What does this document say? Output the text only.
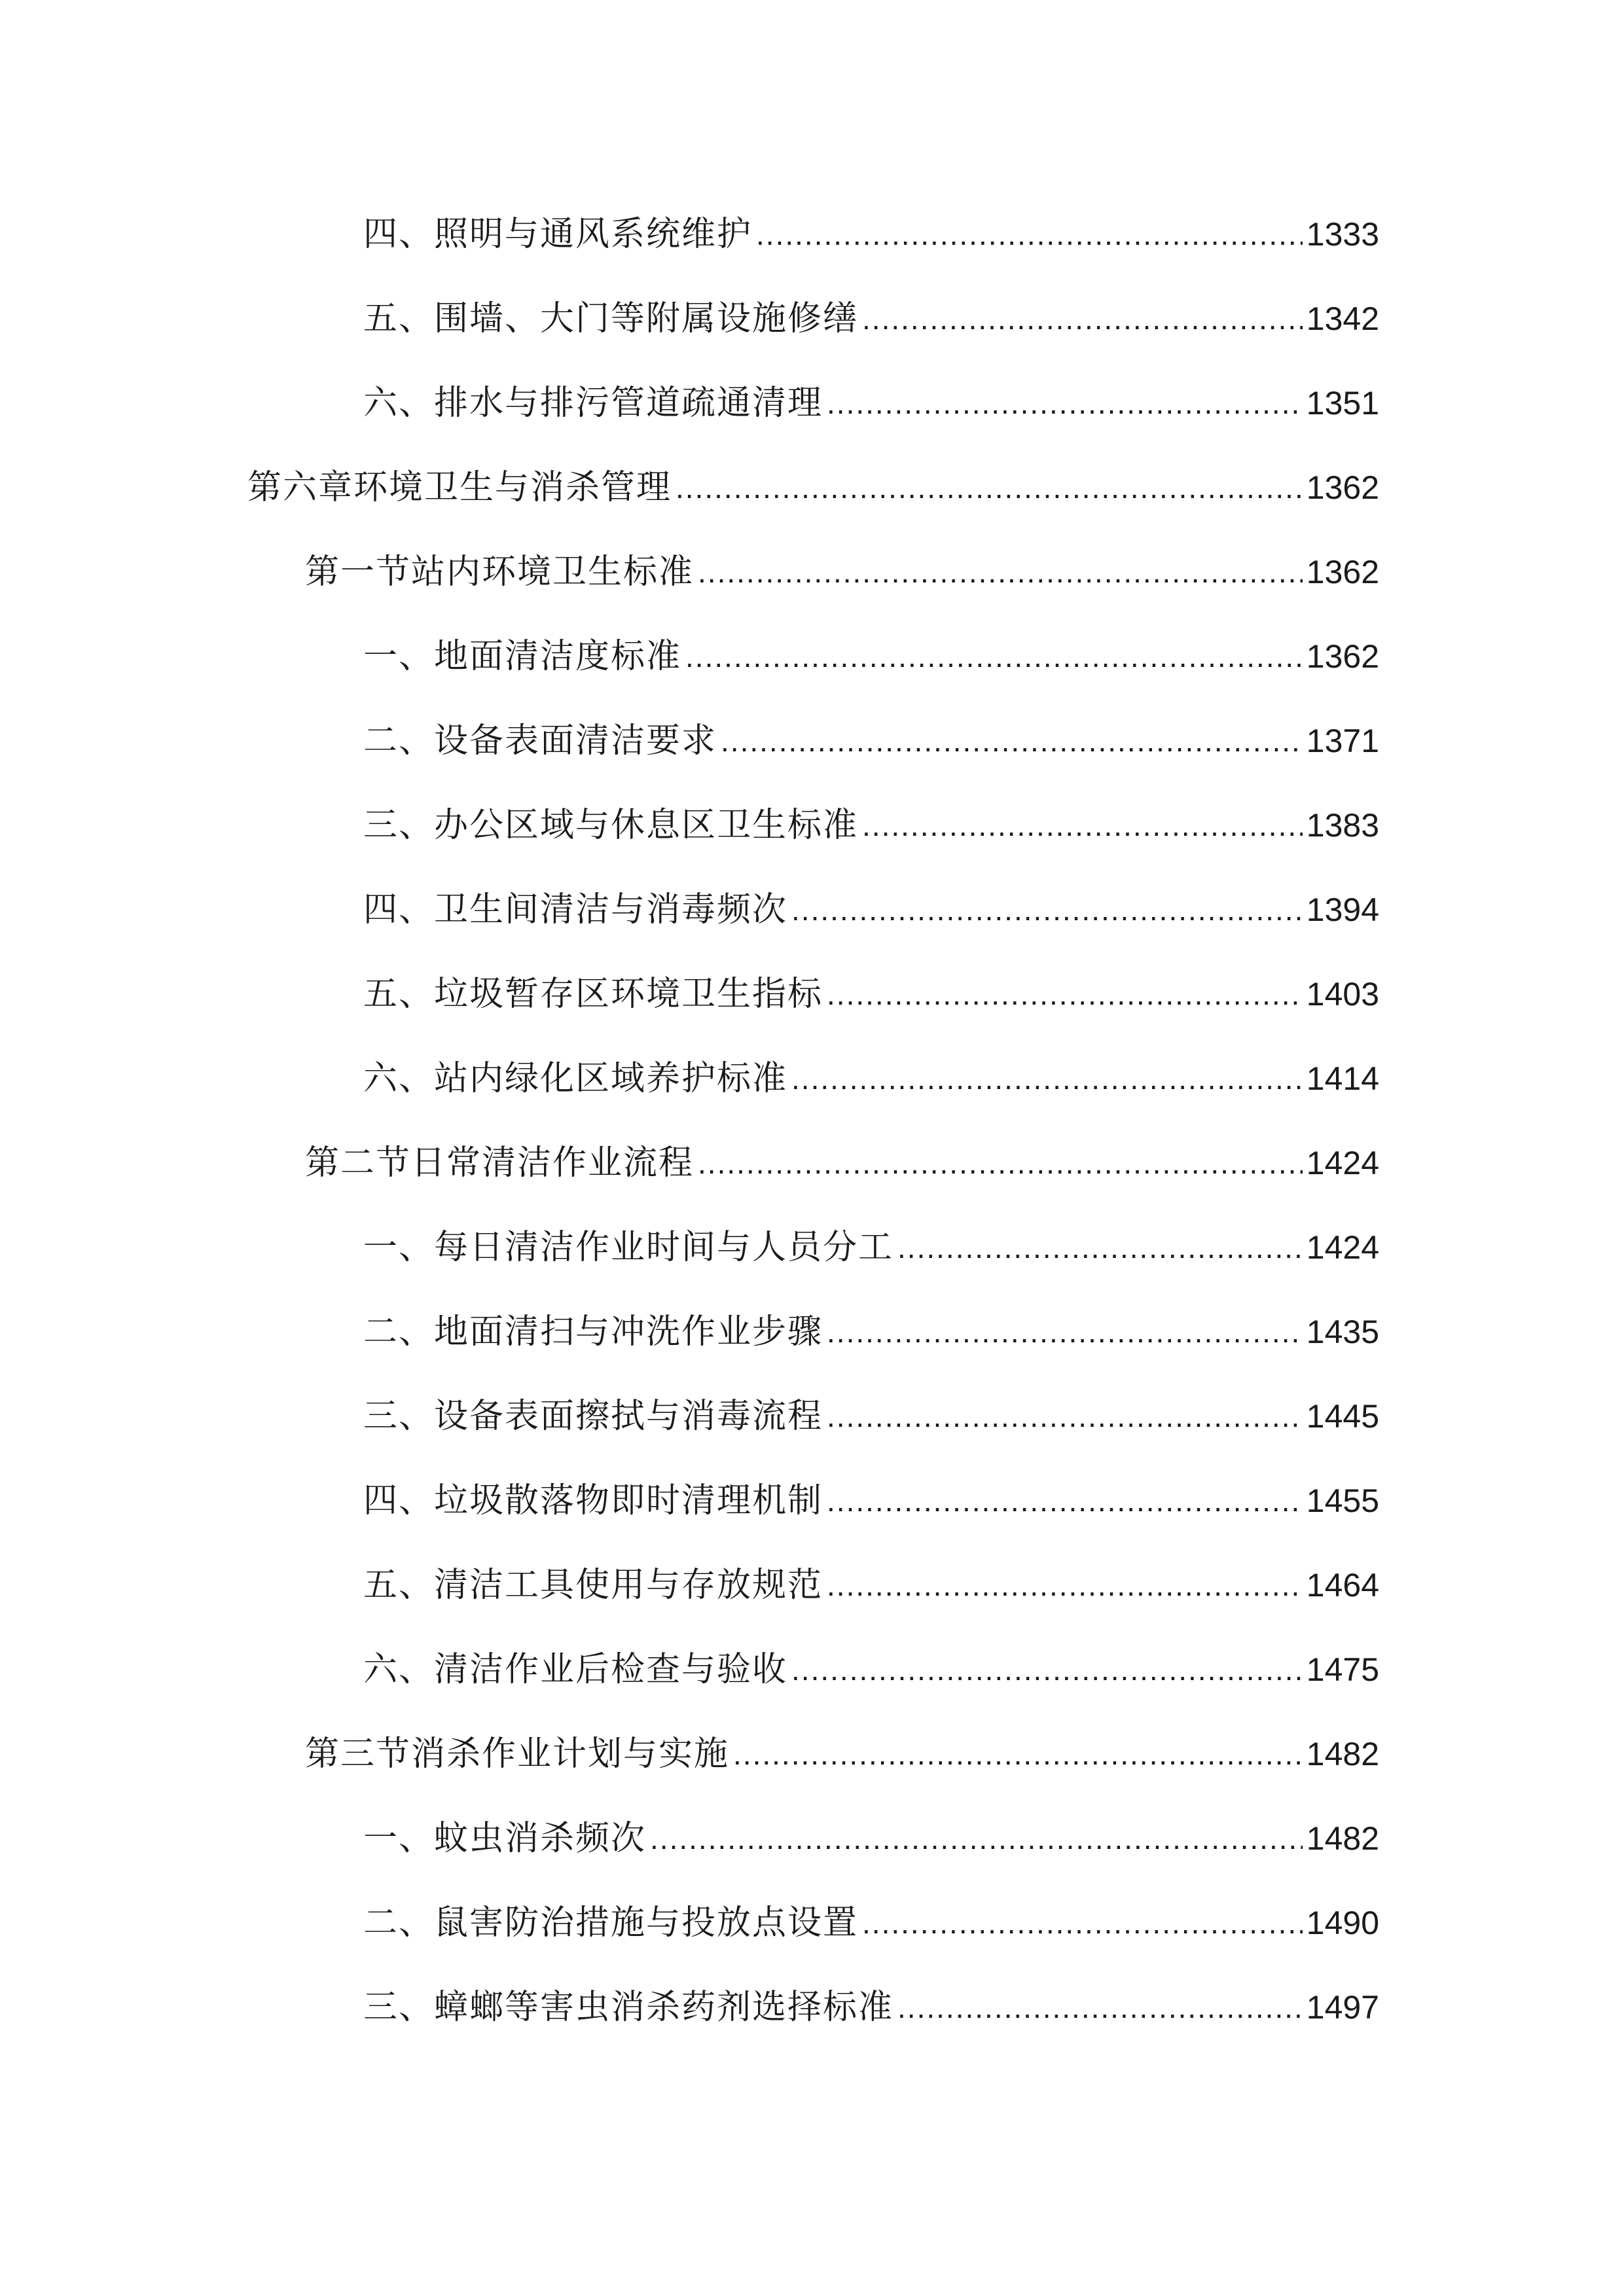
四、照明与通风系统维护 .....	1333
五、围墙、大门等附属设施修缮 .....	1342
六、排水与排污管道疏通清理 .....	1351
第六章环境卫生与消杀管理 .....	1362
第一节站内环境卫生标准 .....	1362
一、地面清洁度标准 .....	1362
二、设备表面清洁要求 .....	1371
三、办公区域与休息区卫生标准 .....	1383
四、卫生间清洁与消毒频次 .....	1394
五、垃圾暂存区环境卫生指标 .....	1403
六、站内绿化区域养护标准 .....	1414
第二节日常清洁作业流程 .....	1424
一、每日清洁作业时间与人员分工 .....	1424
二、地面清扫与冲洗作业步骤 .....	1435
三、设备表面擦拭与消毒流程 .....	1445
四、垃圾散落物即时清理机制 .....	1455
五、清洁工具使用与存放规范 .....	1464
六、清洁作业后检查与验收 .....	1475
第三节消杀作业计划与实施 .....	1482
一、蚊虫消杀频次 .....	1482
二、鼠害防治措施与投放点设置 .....	1490
三、蟑螂等害虫消杀药剂选择标准 .....	1497
